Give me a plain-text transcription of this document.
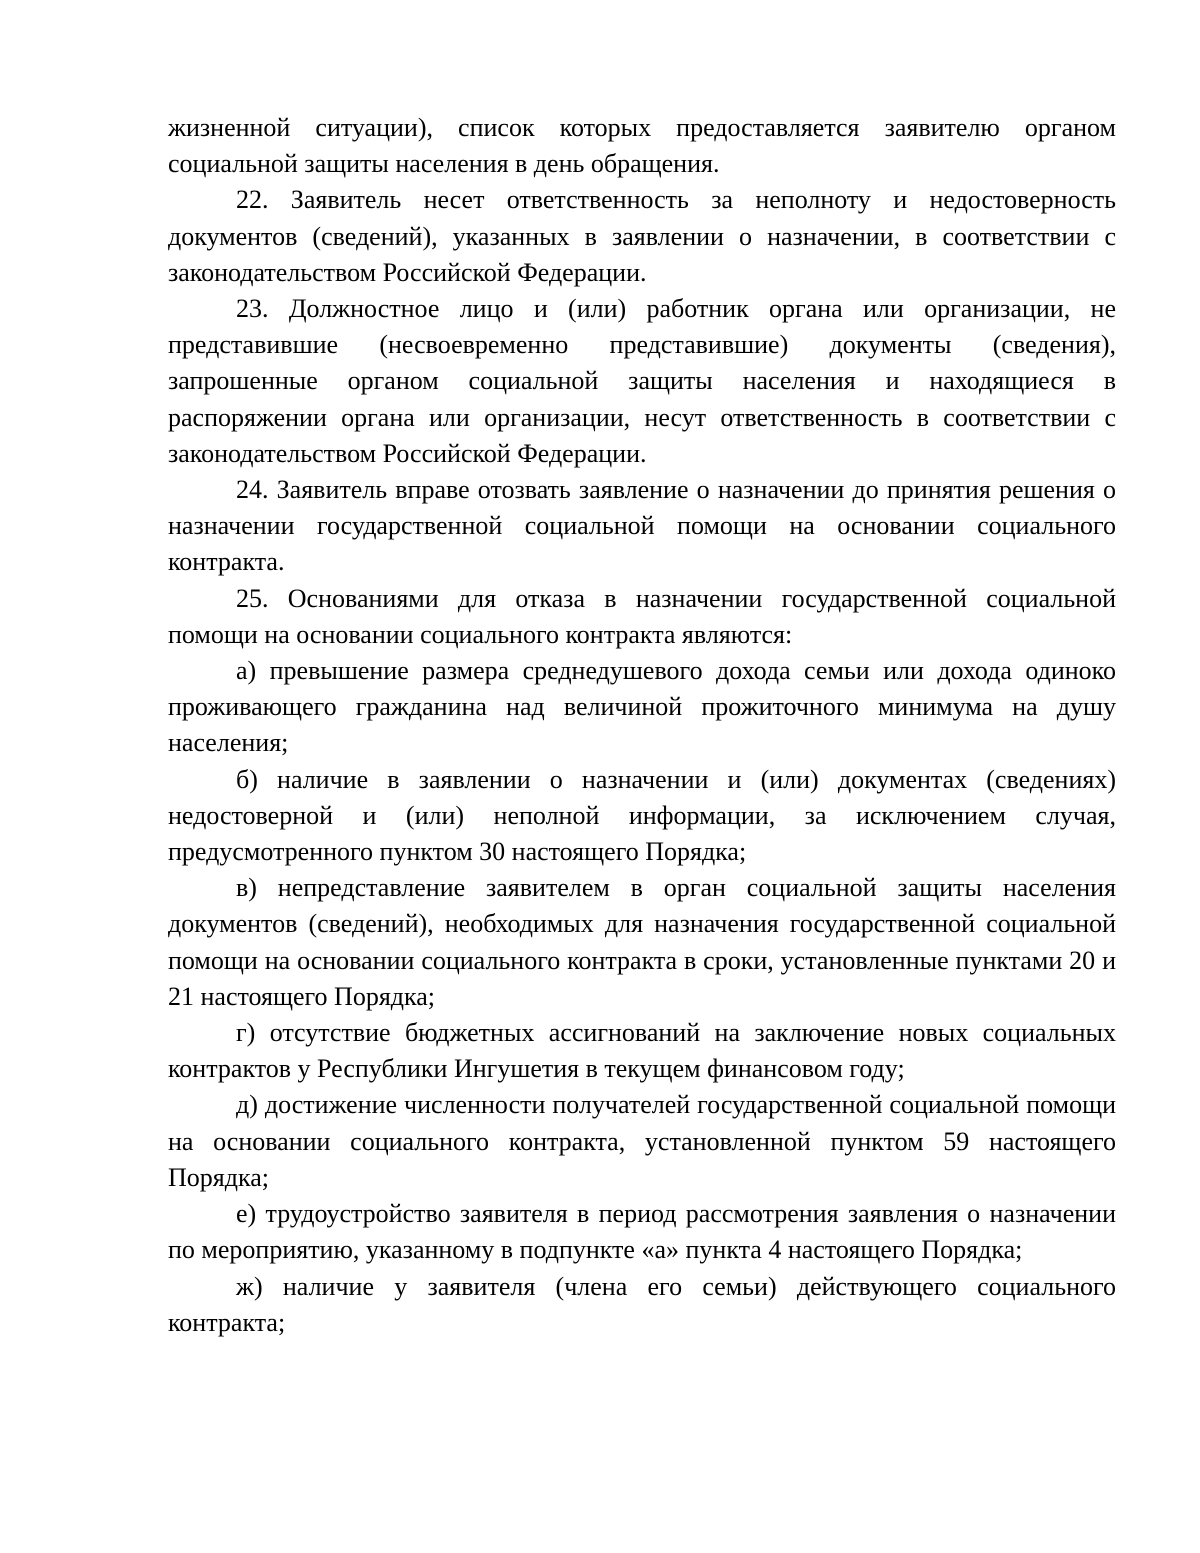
жизненной ситуации), список которых предоставляется заявителю органом социальной защиты населения в день обращения.

22. Заявитель несет ответственность за неполноту и недостоверность документов (сведений), указанных в заявлении о назначении, в соответствии с законодательством Российской Федерации.

23. Должностное лицо и (или) работник органа или организации, не представившие (несвоевременно представившие) документы (сведения), запрошенные органом социальной защиты населения и находящиеся в распоряжении органа или организации, несут ответственность в соответствии с законодательством Российской Федерации.

24. Заявитель вправе отозвать заявление о назначении до принятия решения о назначении государственной социальной помощи на основании социального контракта.

25. Основаниями для отказа в назначении государственной социальной помощи на основании социального контракта являются:

а) превышение размера среднедушевого дохода семьи или дохода одиноко проживающего гражданина над величиной прожиточного минимума на душу населения;

б) наличие в заявлении о назначении и (или) документах (сведениях) недостоверной и (или) неполной информации, за исключением случая, предусмотренного пунктом 30 настоящего Порядка;

в) непредставление заявителем в орган социальной защиты населения документов (сведений), необходимых для назначения государственной социальной помощи на основании социального контракта в сроки, установленные пунктами 20 и 21 настоящего Порядка;

г) отсутствие бюджетных ассигнований на заключение новых социальных контрактов у Республики Ингушетия в текущем финансовом году;

д) достижение численности получателей государственной социальной помощи на основании социального контракта, установленной пунктом 59 настоящего Порядка;

е) трудоустройство заявителя в период рассмотрения заявления о назначении по мероприятию, указанному в подпункте «а» пункта 4 настоящего Порядка;

ж) наличие у заявителя (члена его семьи) действующего социального контракта;
